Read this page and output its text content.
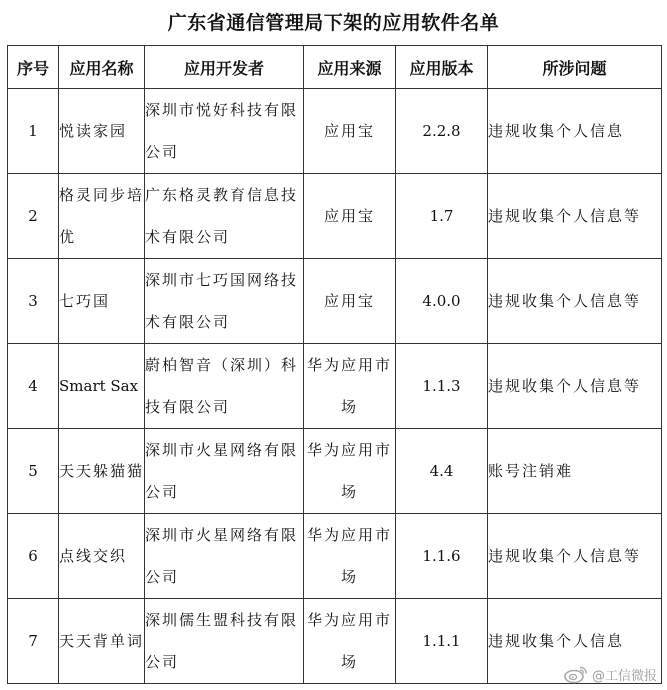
广东省通信管理局下架的应用软件名单
序号	应用名称	应用开发者	应用来源	应用版本	所涉问题
1	悦读家园	深圳市悦好科技有限公司	应用宝	2.2.8	违规收集个人信息
2	格灵同步培优	广东格灵教育信息技术有限公司	应用宝	1.7	违规收集个人信息等
3	七巧国	深圳市七巧国网络技术有限公司	应用宝	4.0.0	违规收集个人信息等
4	Smart Sax	蔚柏智音（深圳）科技有限公司	华为应用市场	1.1.3	违规收集个人信息等
5	天天躲猫猫	深圳市火星网络有限公司	华为应用市场	4.4	账号注销难
6	点线交织	深圳市火星网络有限公司	华为应用市场	1.1.6	违规收集个人信息等
7	天天背单词	深圳儒生盟科技有限公司	华为应用市场	1.1.1	违规收集个人信息
@工信微报
